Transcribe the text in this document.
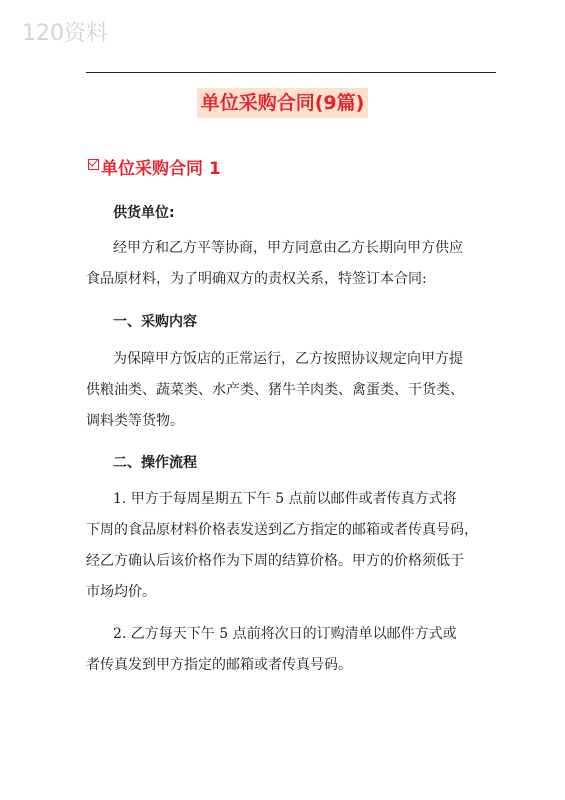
120资料
单位采购合同(9篇)
单位采购合同 1
供货单位:
经甲方和乙方平等协商，甲方同意由乙方长期向甲方供应
食品原材料，为了明确双方的责权关系，特签订本合同:
一、采购内容
为保障甲方饭店的正常运行，乙方按照协议规定向甲方提
供粮油类、蔬菜类、水产类、猪牛羊肉类、禽蛋类、干货类、
调料类等货物。
二、操作流程
1. 甲方于每周星期五下午 5 点前以邮件或者传真方式将
下周的食品原材料价格表发送到乙方指定的邮箱或者传真号码，
经乙方确认后该价格作为下周的结算价格。甲方的价格须低于
市场均价。
2. 乙方每天下午 5 点前将次日的订购清单以邮件方式或
者传真发到甲方指定的邮箱或者传真号码。
